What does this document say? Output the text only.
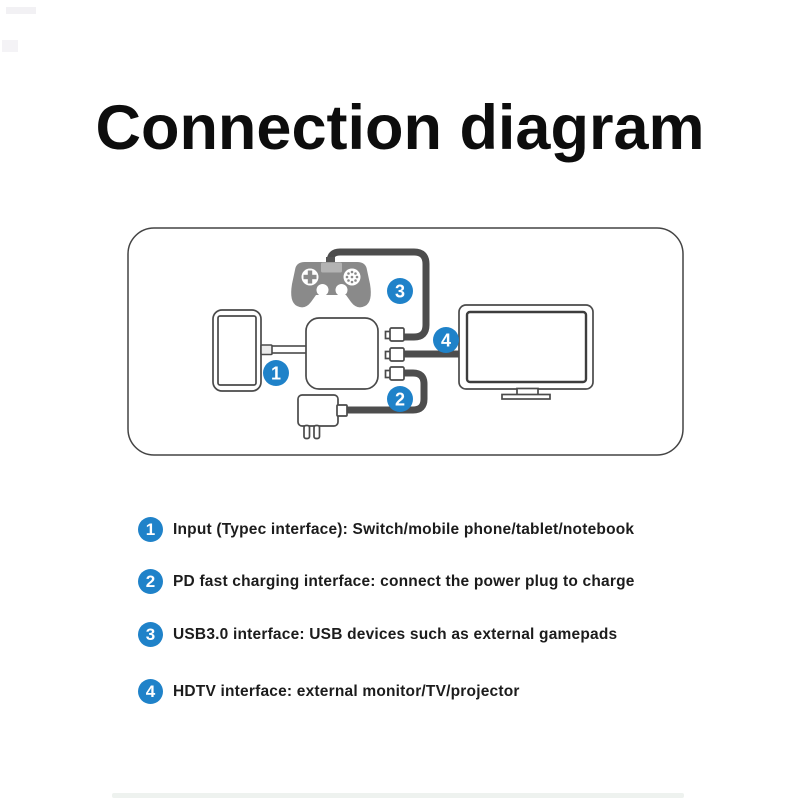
Connection diagram
1
2
3
4
1	Input (Typec interface): Switch/mobile phone/tablet/notebook
2	PD fast charging interface: connect the power plug to charge
3	USB3.0 interface: USB devices such as external gamepads
4	HDTV interface: external monitor/TV/projector
